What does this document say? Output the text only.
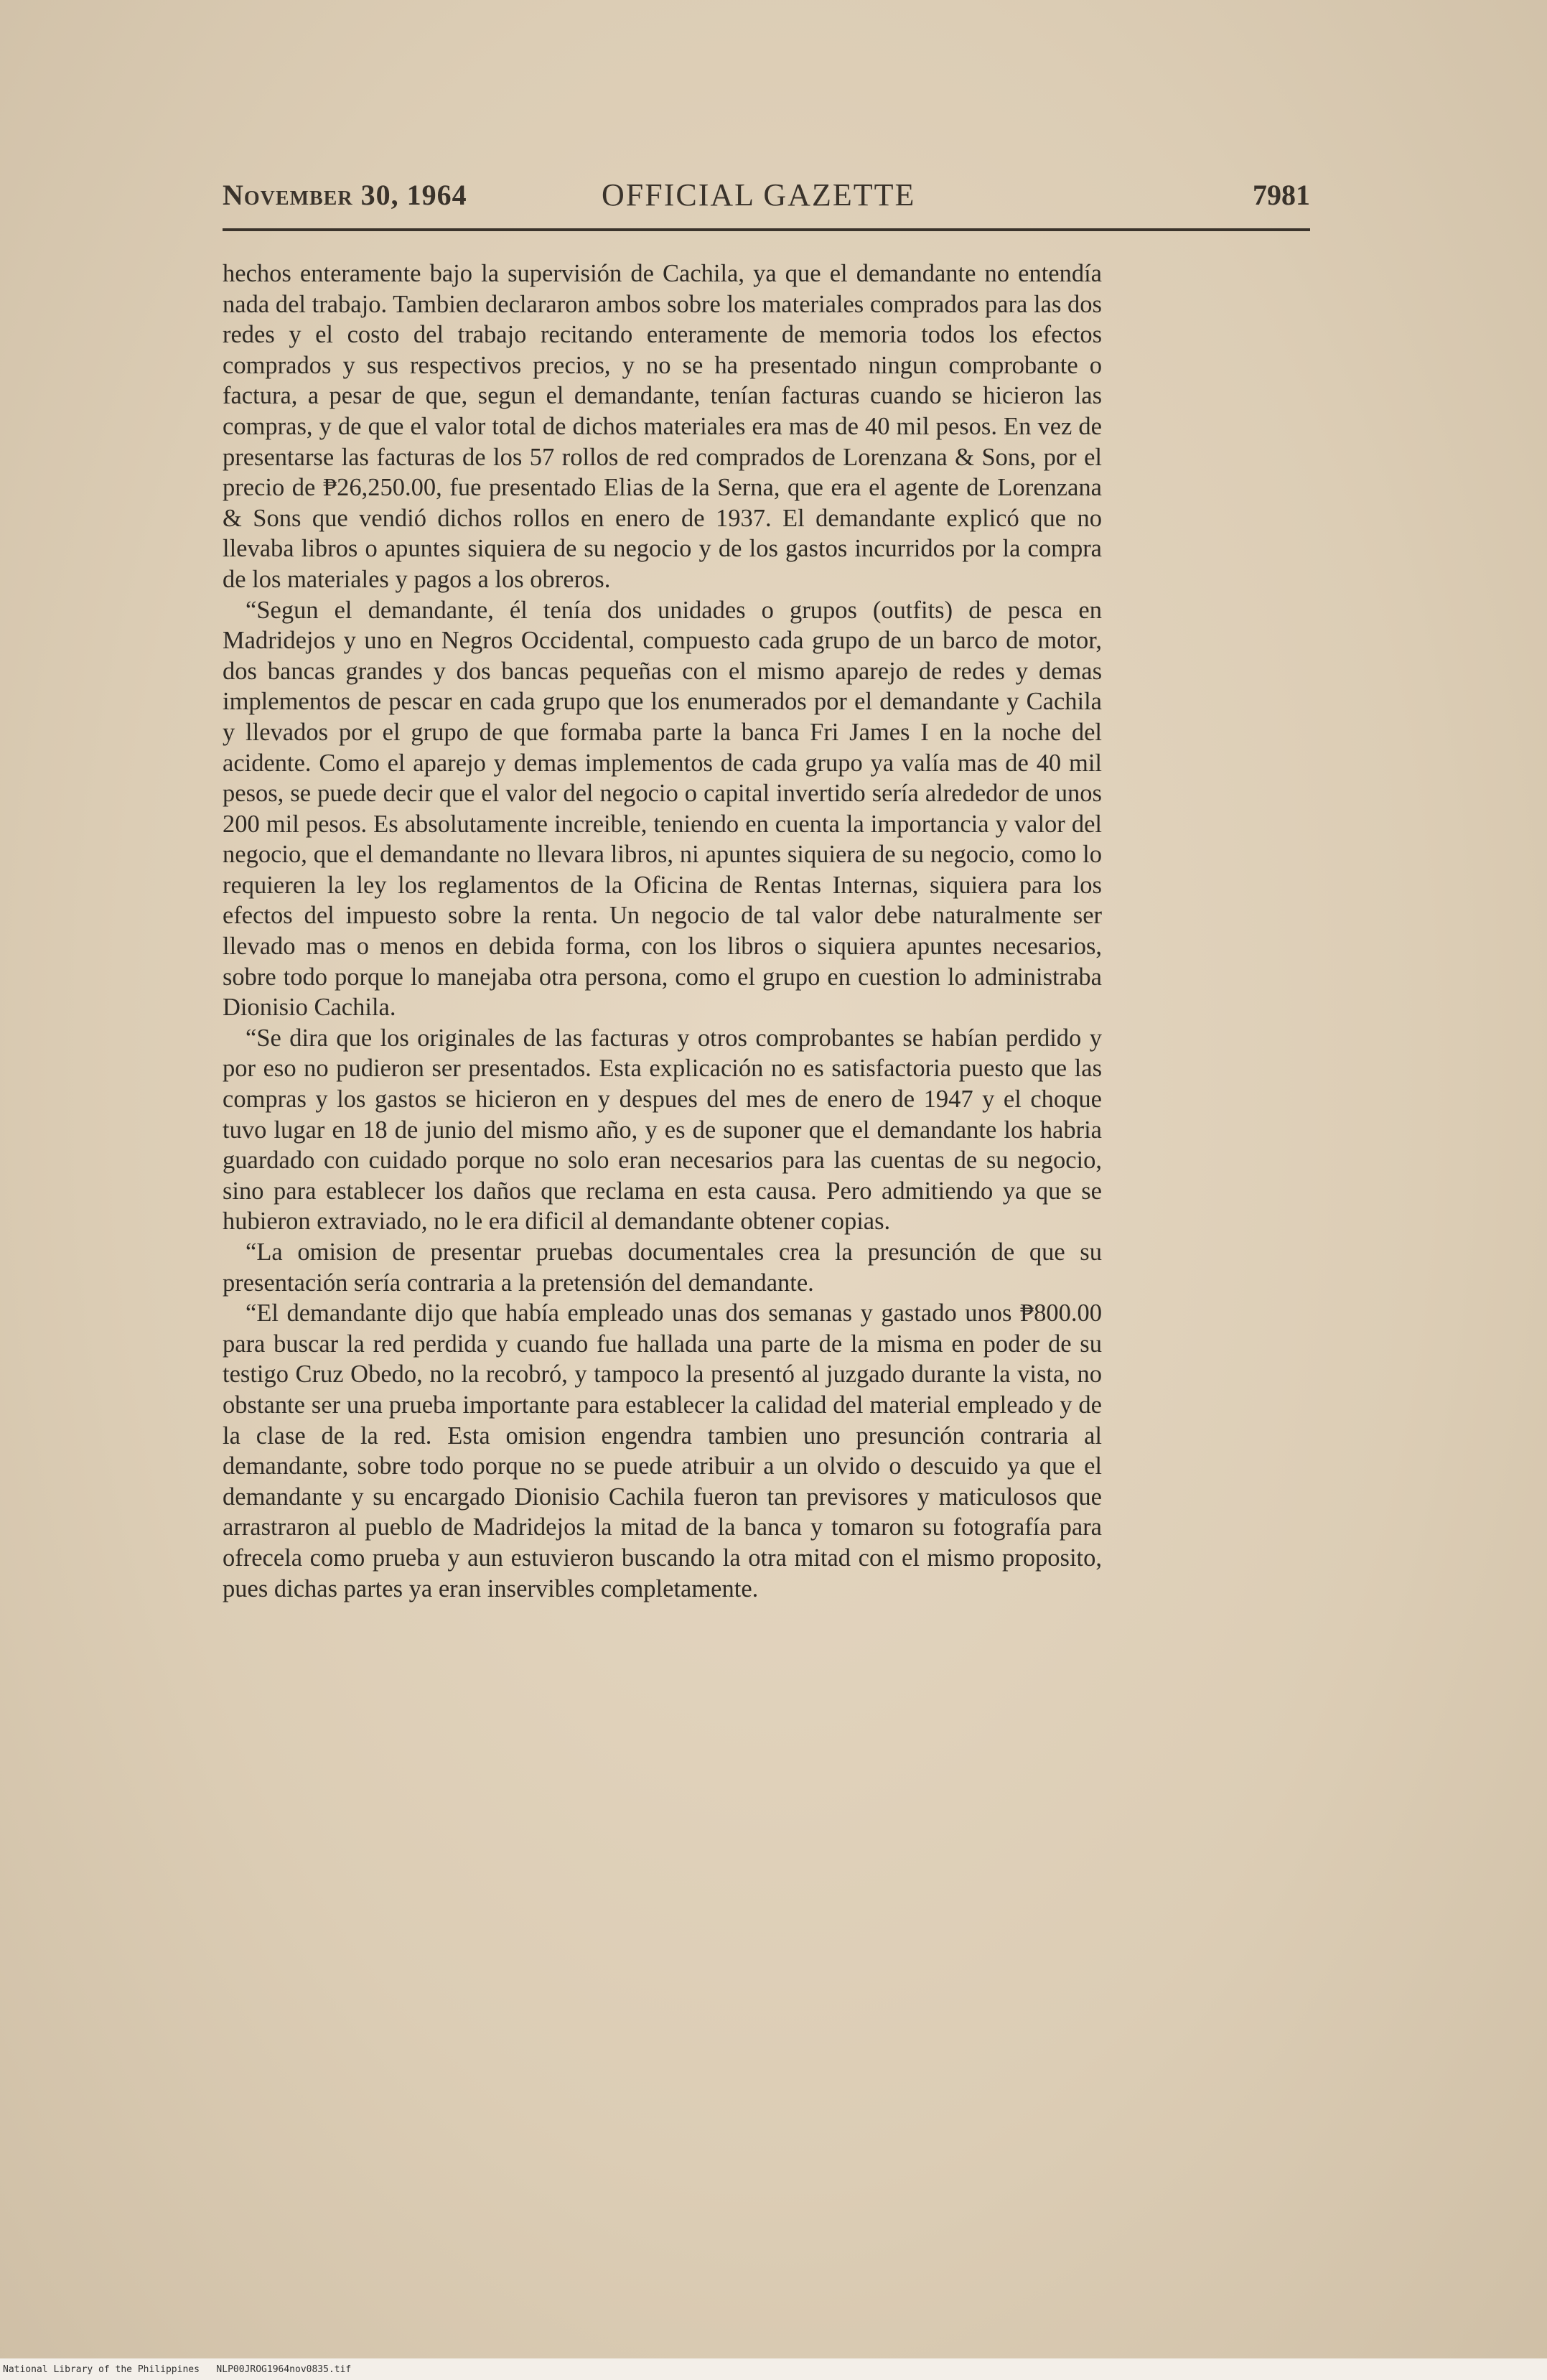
November 30, 1964	OFFICIAL GAZETTE	7981

hechos enteramente bajo la supervisión de Cachila, ya que el demandante no entendía nada del trabajo. Tambien declararon ambos sobre los materiales comprados para las dos redes y el costo del trabajo recitando enteramente de memoria todos los efectos comprados y sus respectivos precios, y no se ha presentado ningun comprobante o factura, a pesar de que, segun el demandante, tenían facturas cuando se hicieron las compras, y de que el valor total de dichos materiales era mas de 40 mil pesos. En vez de presentarse las facturas de los 57 rollos de red comprados de Lorenzana & Sons, por el precio de ₱26,250.00, fue presentado Elias de la Serna, que era el agente de Lorenzana & Sons que vendió dichos rollos en enero de 1937. El demandante explicó que no llevaba libros o apuntes siquiera de su negocio y de los gastos incurridos por la compra de los materiales y pagos a los obreros.

“Segun el demandante, él tenía dos unidades o grupos (outfits) de pesca en Madridejos y uno en Negros Occidental, compuesto cada grupo de un barco de motor, dos bancas grandes y dos bancas pequeñas con el mismo aparejo de redes y demas implementos de pescar en cada grupo que los enumerados por el demandante y Cachila y llevados por el grupo de que formaba parte la banca Fri James I en la noche del acidente. Como el aparejo y demas implementos de cada grupo ya valía mas de 40 mil pesos, se puede decir que el valor del negocio o capital invertido sería alrededor de unos 200 mil pesos. Es absolutamente increible, teniendo en cuenta la importancia y valor del negocio, que el demandante no llevara libros, ni apuntes siquiera de su negocio, como lo requieren la ley los reglamentos de la Oficina de Rentas Internas, siquiera para los efectos del impuesto sobre la renta. Un negocio de tal valor debe naturalmente ser llevado mas o menos en debida forma, con los libros o siquiera apuntes necesarios, sobre todo porque lo manejaba otra persona, como el grupo en cuestion lo administraba Dionisio Cachila.

“Se dira que los originales de las facturas y otros comprobantes se habían perdido y por eso no pudieron ser presentados. Esta explicación no es satisfactoria puesto que las compras y los gastos se hicieron en y despues del mes de enero de 1947 y el choque tuvo lugar en 18 de junio del mismo año, y es de suponer que el demandante los habria guardado con cuidado porque no solo eran necesarios para las cuentas de su negocio, sino para establecer los daños que reclama en esta causa. Pero admitiendo ya que se hubieron extraviado, no le era dificil al demandante obtener copias.

“La omision de presentar pruebas documentales crea la presunción de que su presentación sería contraria a la pretensión del demandante.

“El demandante dijo que había empleado unas dos semanas y gastado unos ₱800.00 para buscar la red perdida y cuando fue hallada una parte de la misma en poder de su testigo Cruz Obedo, no la recobró, y tampoco la presentó al juzgado durante la vista, no obstante ser una prueba importante para establecer la calidad del material empleado y de la clase de la red. Esta omision engendra tambien uno presunción contraria al demandante, sobre todo porque no se puede atribuir a un olvido o descuido ya que el demandante y su encargado Dionisio Cachila fueron tan previsores y maticulosos que arrastraron al pueblo de Madridejos la mitad de la banca y tomaron su fotografía para ofrecela como prueba y aun estuvieron buscando la otra mitad con el mismo proposito, pues dichas partes ya eran inservibles completamente.

National Library of the Philippines NLP00JROG1964nov0835.tif
